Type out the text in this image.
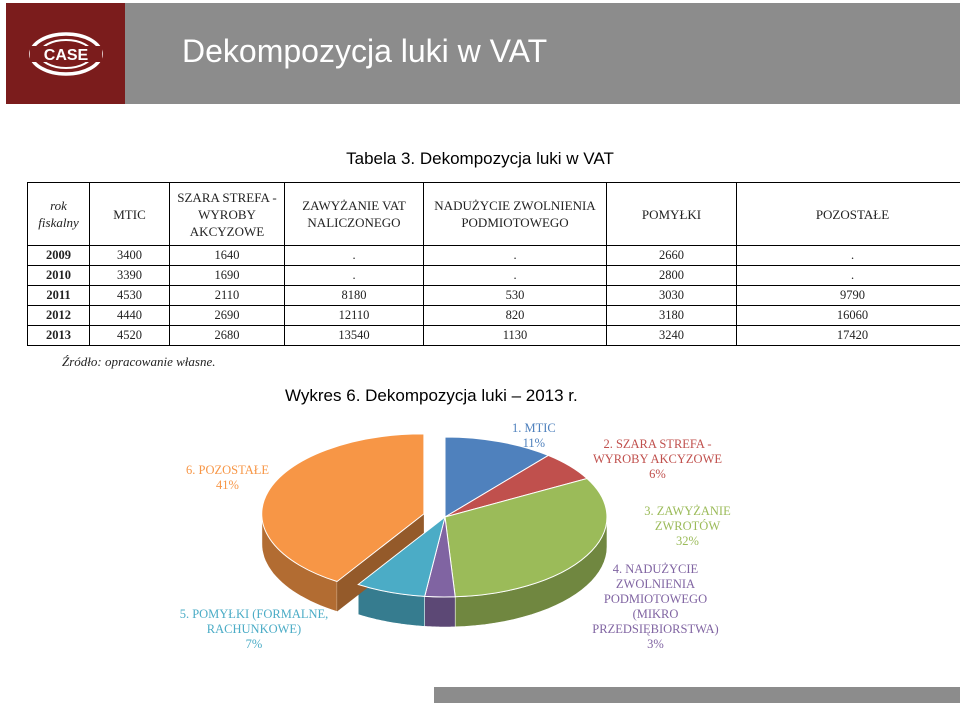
CASE	Dekompozycja luki w VAT
Tabela 3. Dekompozycja luki w VAT
rok fiskalny	MTIC	SZARA STREFA - WYROBY AKCYZOWE	ZAWYŻANIE VAT NALICZONEGO	NADUŻYCIE ZWOLNIENIA PODMIOTOWEGO	POMYŁKI	POZOSTAŁE
2009	3400	1640	.	.	2660	.
2010	3390	1690	.	.	2800	.
2011	4530	2110	8180	530	3030	9790
2012	4440	2690	12110	820	3180	16060
2013	4520	2680	13540	1130	3240	17420
Źródło: opracowanie własne.
Wykres 6. Dekompozycja luki – 2013 r.
1. MTIC
11%	2. SZARA STREFA - WYROBY AKCYZOWE
6%
3. ZAWYŻANIE ZWROTÓW
32%
4. NADUŻYCIE ZWOLNIENIA PODMIOTOWEGO (MIKRO PRZEDSIĘBIORSTWA)
3%
5. POMYŁKI (FORMALNE, RACHUNKOWE)
7%
6. POZOSTAŁE
41%
